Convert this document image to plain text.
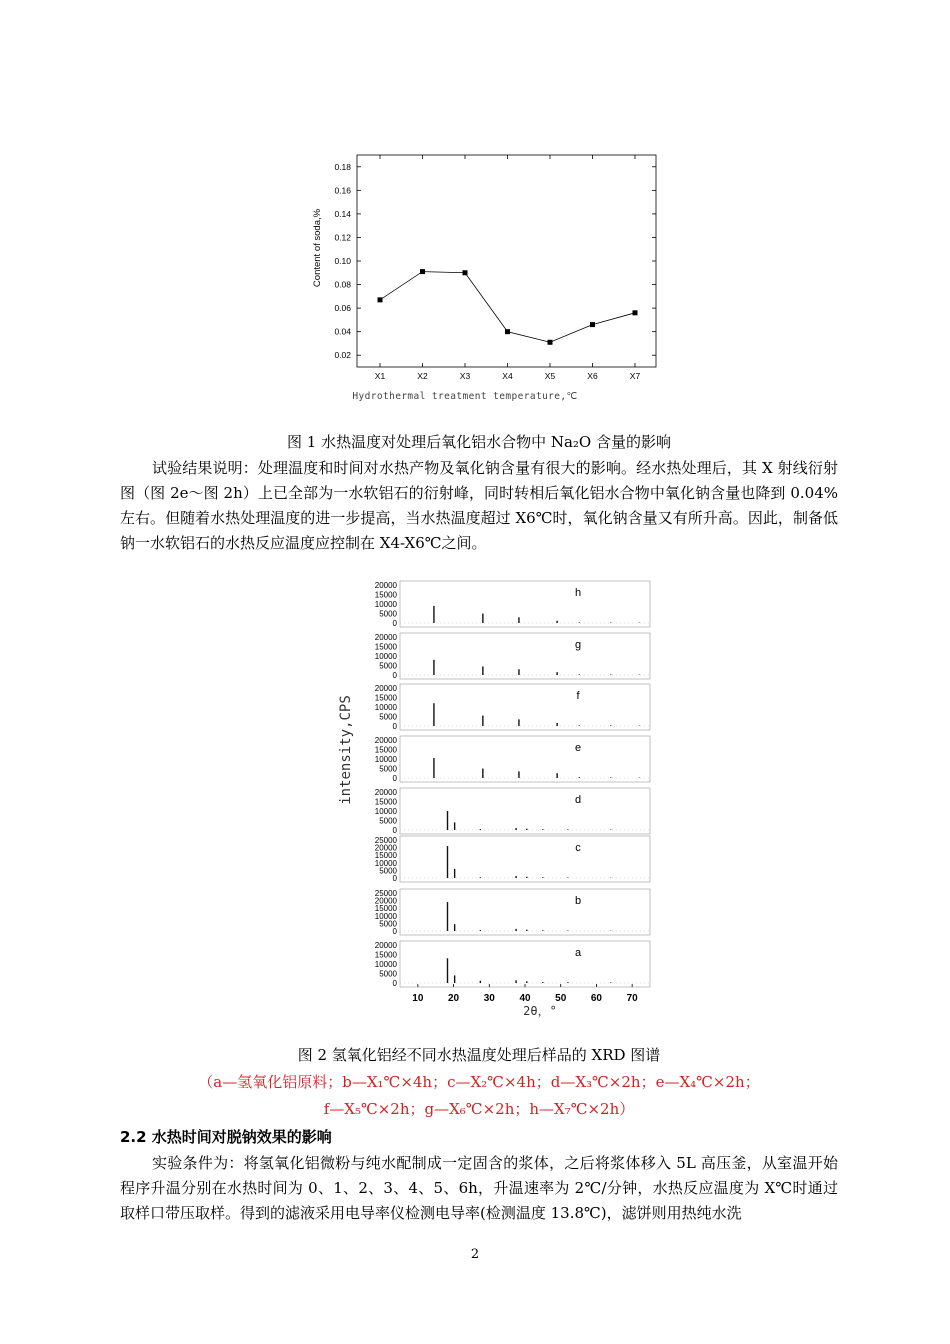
0.02
0.04
0.06
0.08
0.10
0.12
0.14
0.16
0.18
X1	X2	X3	X4	X5	X6	X7
Content of soda,%
Hydrothermal treatment temperature,℃
图 1 水热温度对处理后氧化铝水合物中 Na₂O 含量的影响

试验结果说明：处理温度和时间对水热产物及氧化钠含量有很大的影响。经水热处理后，其 X 射线衍射图（图 2e～图 2h）上已全部为一水软铝石的衍射峰，同时转相后氧化铝水合物中氧化钠含量也降到 0.04%左右。但随着水热处理温度的进一步提高，当水热温度超过 X6℃时，氧化钠含量又有所升高。因此，制备低钠一水软铝石的水热反应温度应控制在 X4-X6℃之间。

0
5000
10000
15000
20000
h
0
5000
10000
15000
20000
g
0
5000
10000
15000
20000
f
0
5000
10000
15000
20000
e
0
5000
10000
15000
20000
d
0
5000
10000
15000
20000
25000
c
0
5000
10000
15000
20000
25000
b
0
5000
10000
15000
20000
a
10 20 30 40 50 60 70
intensity,CPS
2θ，°
图 2 氢氧化铝经不同水热温度处理后样品的 XRD 图谱
（a—氢氧化铝原料；b—X₁℃×4h；c—X₂℃×4h；d—X₃℃×2h；e—X₄℃×2h；
f—X₅℃×2h；g—X₆℃×2h；h—X₇℃×2h）
2.2 水热时间对脱钠效果的影响

实验条件为：将氢氧化铝微粉与纯水配制成一定固含的浆体，之后将浆体移入 5L 高压釜，从室温开始程序升温分别在水热时间为 0、1、2、3、4、5、6h，升温速率为 2℃/分钟，水热反应温度为 X℃时通过取样口带压取样。得到的滤液采用电导率仪检测电导率(检测温度 13.8℃)，滤饼则用热纯水洗

2
